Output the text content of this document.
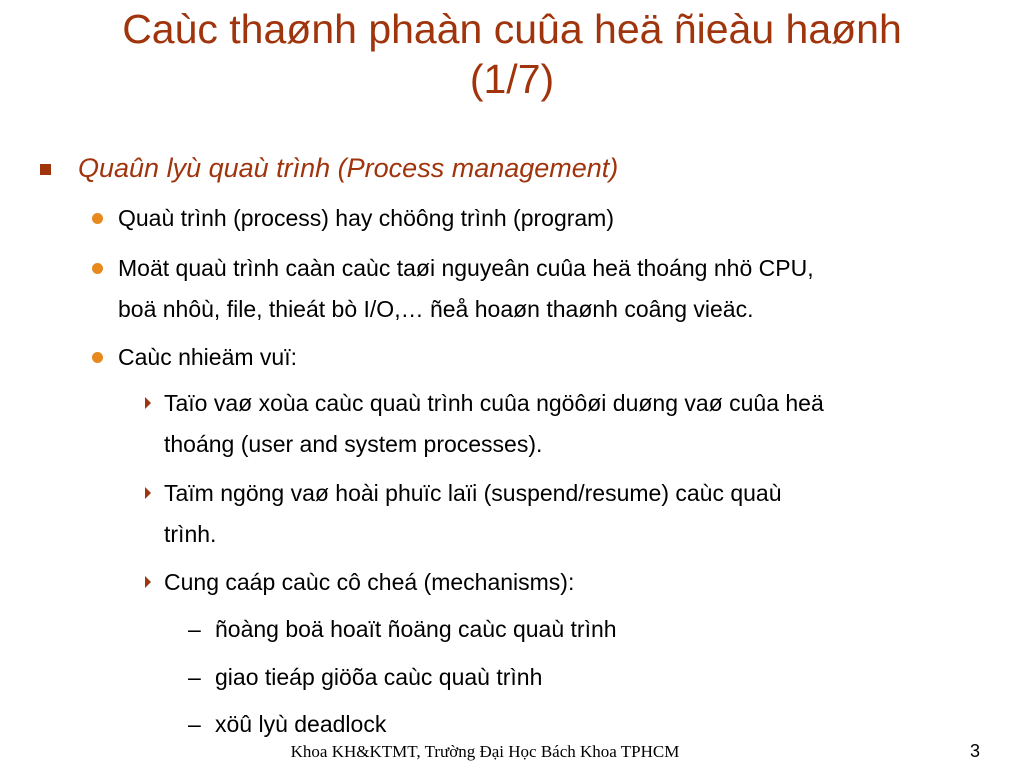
Caùc thaønh phaàn cuûa heä ñieàu haønh
(1/7)
Quaûn lyù quaù trình (Process management)
Quaù trình (process) hay chöông trình (program)
Moät quaù trình caàn caùc taøi nguyeân cuûa heä thoáng nhö CPU,
boä nhôù, file, thieát bò I/O,… ñeå hoaøn thaønh coâng vieäc.
Caùc nhieäm vuï:
Taïo vaø xoùa caùc quaù trình cuûa ngöôøi duøng vaø cuûa heä
thoáng (user and system processes).
Taïm ngöng vaø hoài phuïc laïi (suspend/resume) caùc quaù
trình.
Cung caáp caùc cô cheá (mechanisms):
– ñoàng boä hoaït ñoäng caùc quaù trình
– giao tieáp giöõa caùc quaù trình
– xöû lyù deadlock
Khoa KH&KTMT, Trường Đại Học Bách Khoa TPHCM	3
